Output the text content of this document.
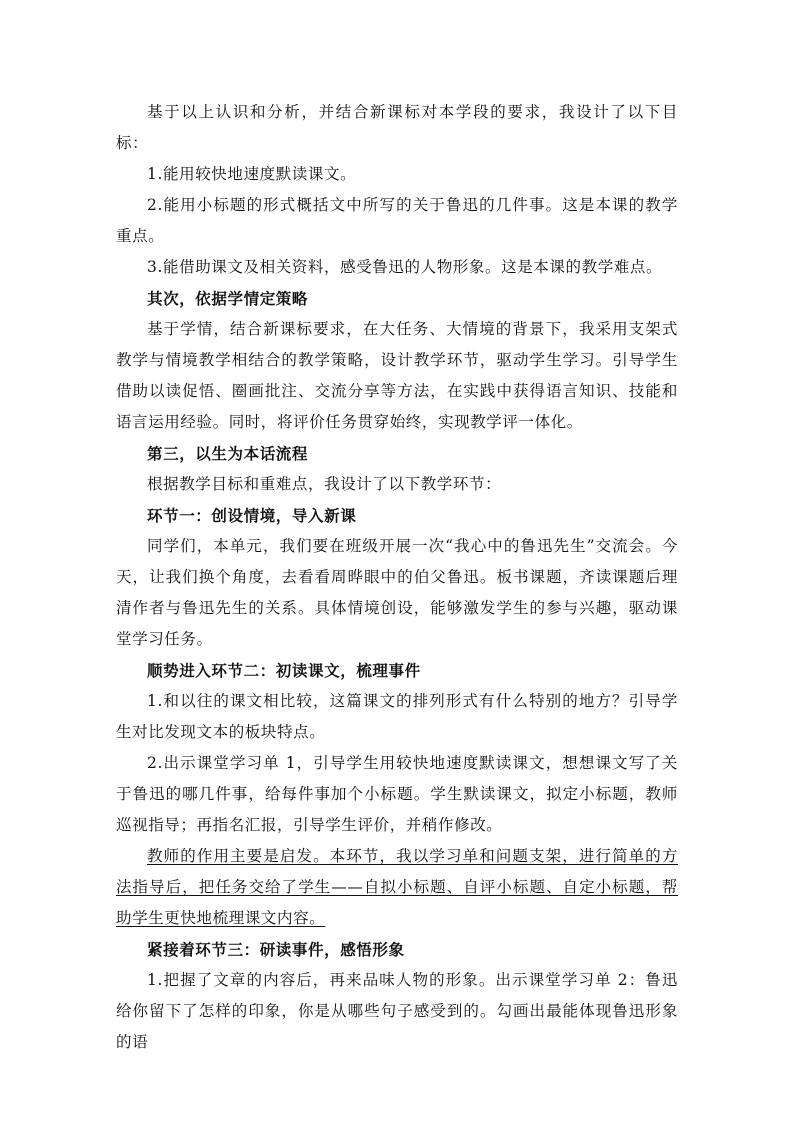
基于以上认识和分析，并结合新课标对本学段的要求，我设计了以下目标：

1.能用较快地速度默读课文。

2.能用小标题的形式概括文中所写的关于鲁迅的几件事。这是本课的教学重点。

3.能借助课文及相关资料，感受鲁迅的人物形象。这是本课的教学难点。

其次，依据学情定策略

基于学情，结合新课标要求，在大任务、大情境的背景下，我采用支架式教学与情境教学相结合的教学策略，设计教学环节，驱动学生学习。引导学生借助以读促悟、圈画批注、交流分享等方法，在实践中获得语言知识、技能和语言运用经验。同时，将评价任务贯穿始终，实现教学评一体化。

第三，以生为本话流程

根据教学目标和重难点，我设计了以下教学环节：

环节一：创设情境，导入新课

同学们，本单元，我们要在班级开展一次“我心中的鲁迅先生”交流会。今天，让我们换个角度，去看看周晔眼中的伯父鲁迅。板书课题，齐读课题后理清作者与鲁迅先生的关系。具体情境创设，能够激发学生的参与兴趣，驱动课堂学习任务。

顺势进入环节二：初读课文，梳理事件

1.和以往的课文相比较，这篇课文的排列形式有什么特别的地方？引导学生对比发现文本的板块特点。

2.出示课堂学习单 1，引导学生用较快地速度默读课文，想想课文写了关于鲁迅的哪几件事，给每件事加个小标题。学生默读课文，拟定小标题，教师巡视指导；再指名汇报，引导学生评价，并稍作修改。

教师的作用主要是启发。本环节，我以学习单和问题支架，进行简单的方法指导后，把任务交给了学生——自拟小标题、自评小标题、自定小标题，帮助学生更快地梳理课文内容。

紧接着环节三：研读事件，感悟形象

1.把握了文章的内容后，再来品味人物的形象。出示课堂学习单 2：鲁迅给你留下了怎样的印象，你是从哪些句子感受到的。勾画出最能体现鲁迅形象的语
